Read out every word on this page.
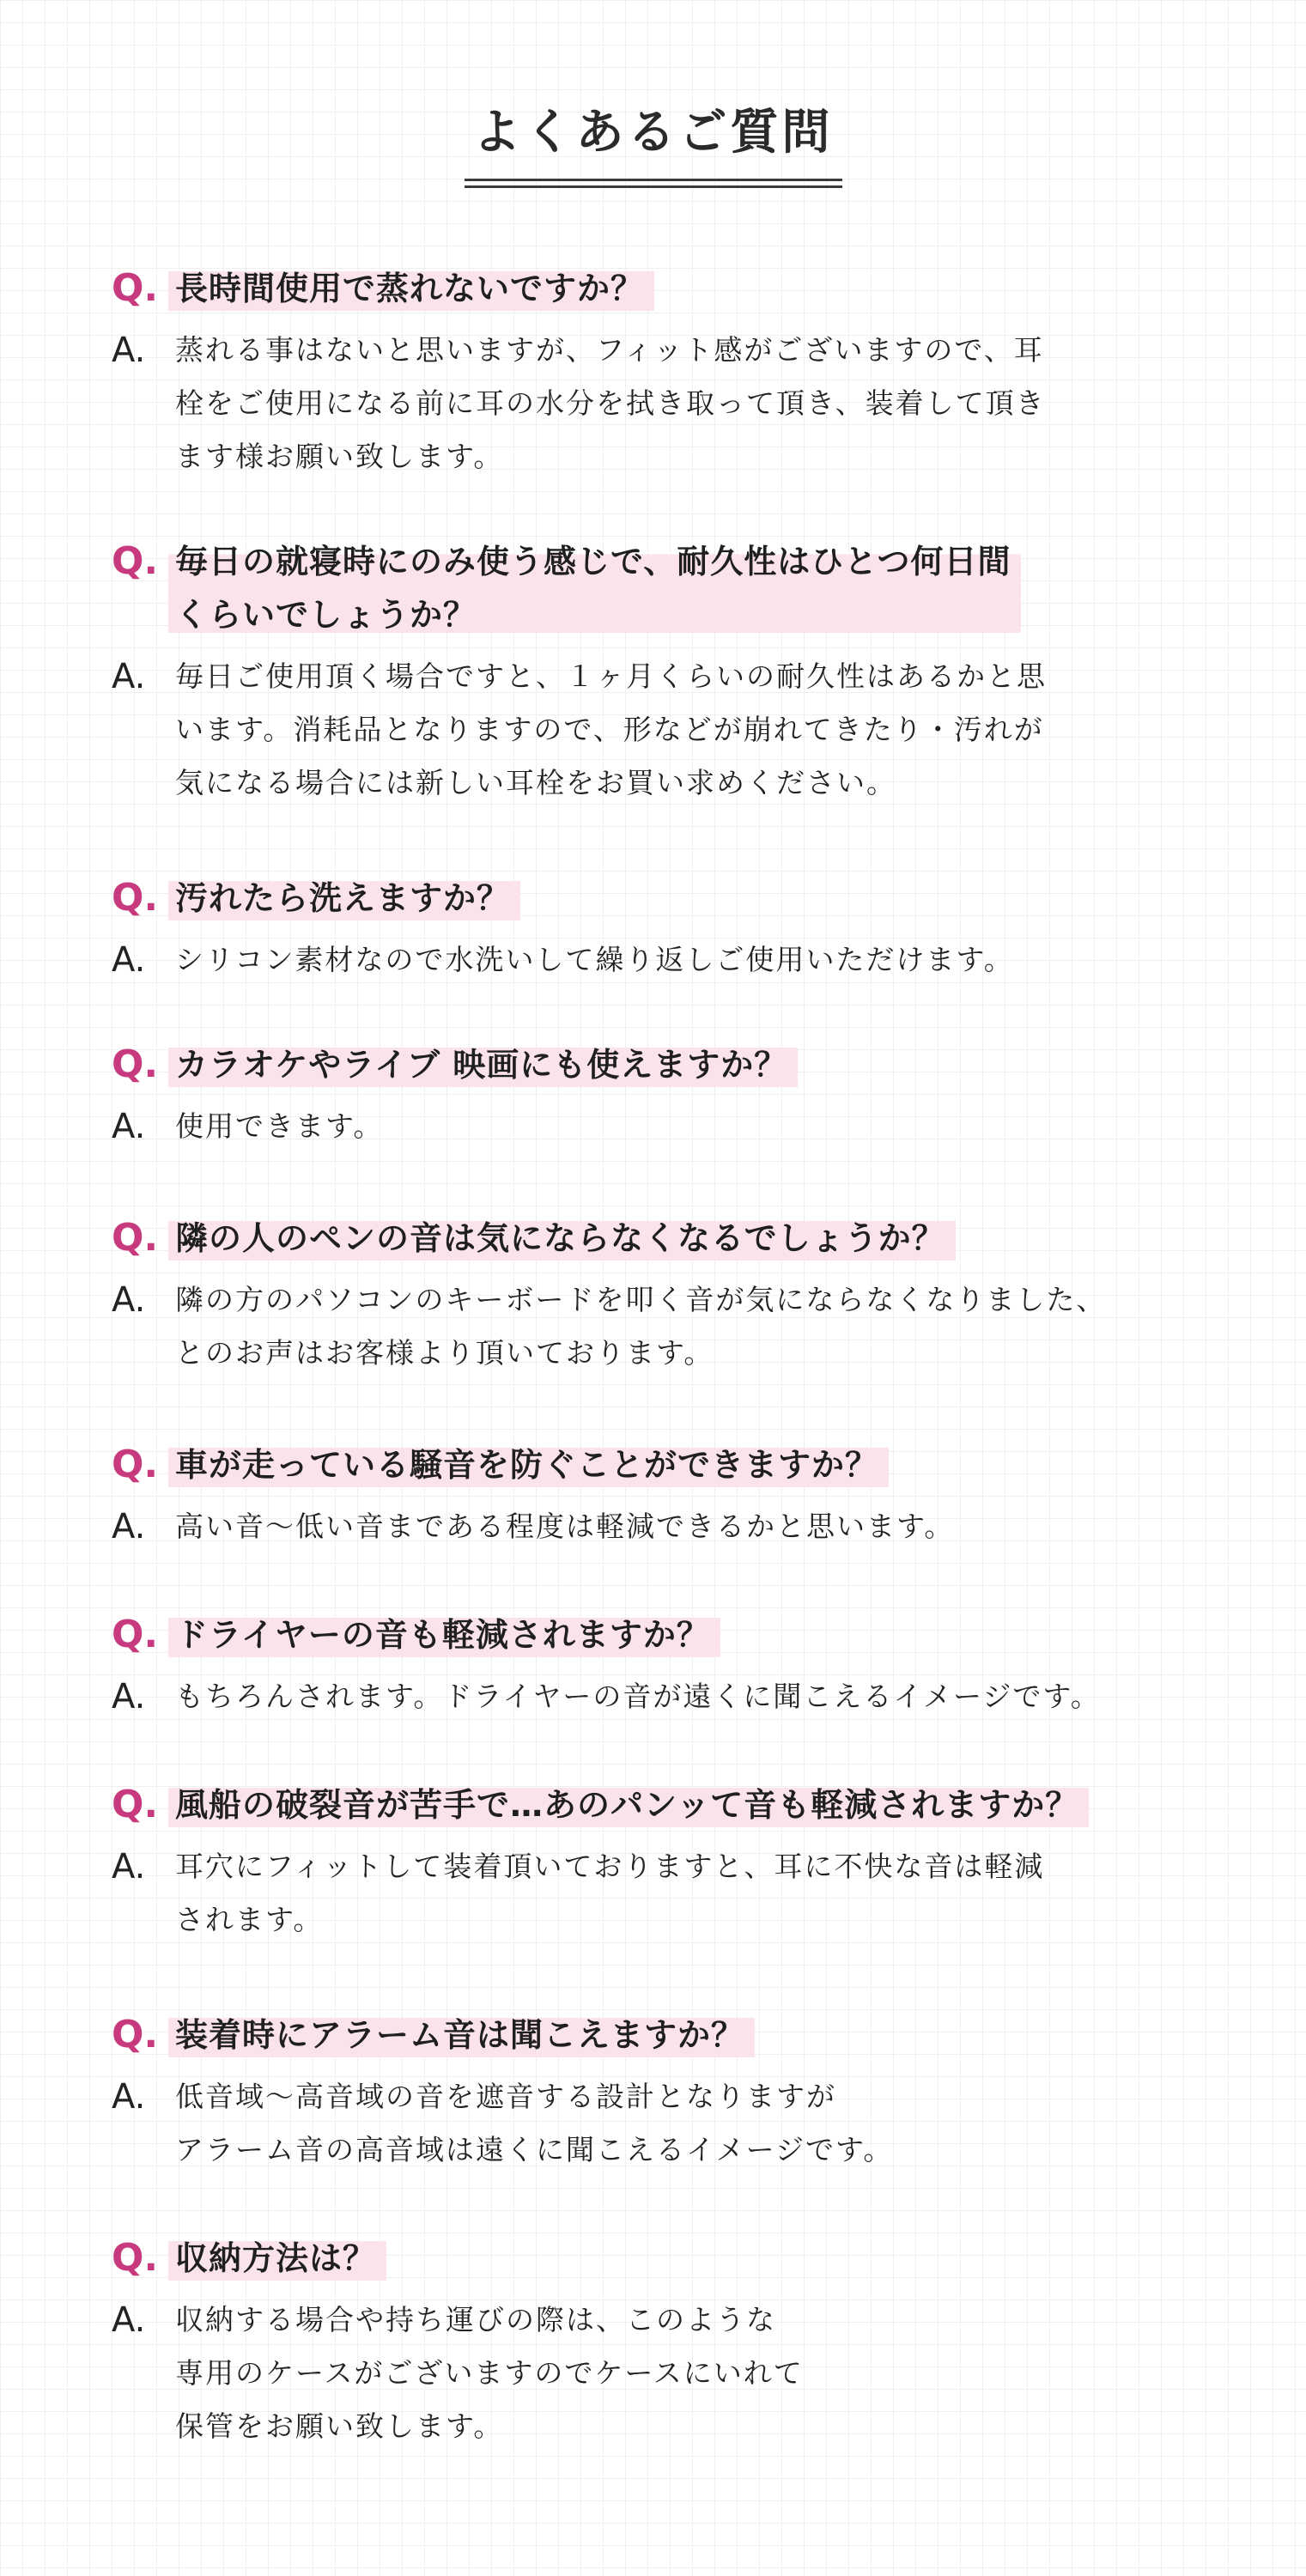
よくあるご質問
Q. 長時間使用で蒸れないですか？
A.	蒸れる事はないと思いますが、フィット感がございますので、耳
栓をご使用になる前に耳の水分を拭き取って頂き、装着して頂き
ます様お願い致します。
Q. 毎日の就寝時にのみ使う感じで、耐久性はひとつ何日間
くらいでしょうか？
A.	毎日ご使用頂く場合ですと、１ヶ月くらいの耐久性はあるかと思
います。消耗品となりますので、形などが崩れてきたり・汚れが
気になる場合には新しい耳栓をお買い求めください。
Q. 汚れたら洗えますか？
A.	シリコン素材なので水洗いして繰り返しご使用いただけます。
Q. カラオケやライブ 映画にも使えますか？
A.	使用できます。
Q. 隣の人のペンの音は気にならなくなるでしょうか？
A.	隣の方のパソコンのキーボードを叩く音が気にならなくなりました、
とのお声はお客様より頂いております。
Q. 車が走っている騒音を防ぐことができますか？
A.	高い音〜低い音まである程度は軽減できるかと思います。
Q. ドライヤーの音も軽減されますか？
A.	もちろんされます。ドライヤーの音が遠くに聞こえるイメージです。
Q. 風船の破裂音が苦手で…あのパンッて音も軽減されますか？
A.	耳穴にフィットして装着頂いておりますと、耳に不快な音は軽減
されます。
Q. 装着時にアラーム音は聞こえますか？
A.	低音域〜高音域の音を遮音する設計となりますが
アラーム音の高音域は遠くに聞こえるイメージです。
Q. 収納方法は？
A.	収納する場合や持ち運びの際は、このような
専用のケースがございますのでケースにいれて
保管をお願い致します。
